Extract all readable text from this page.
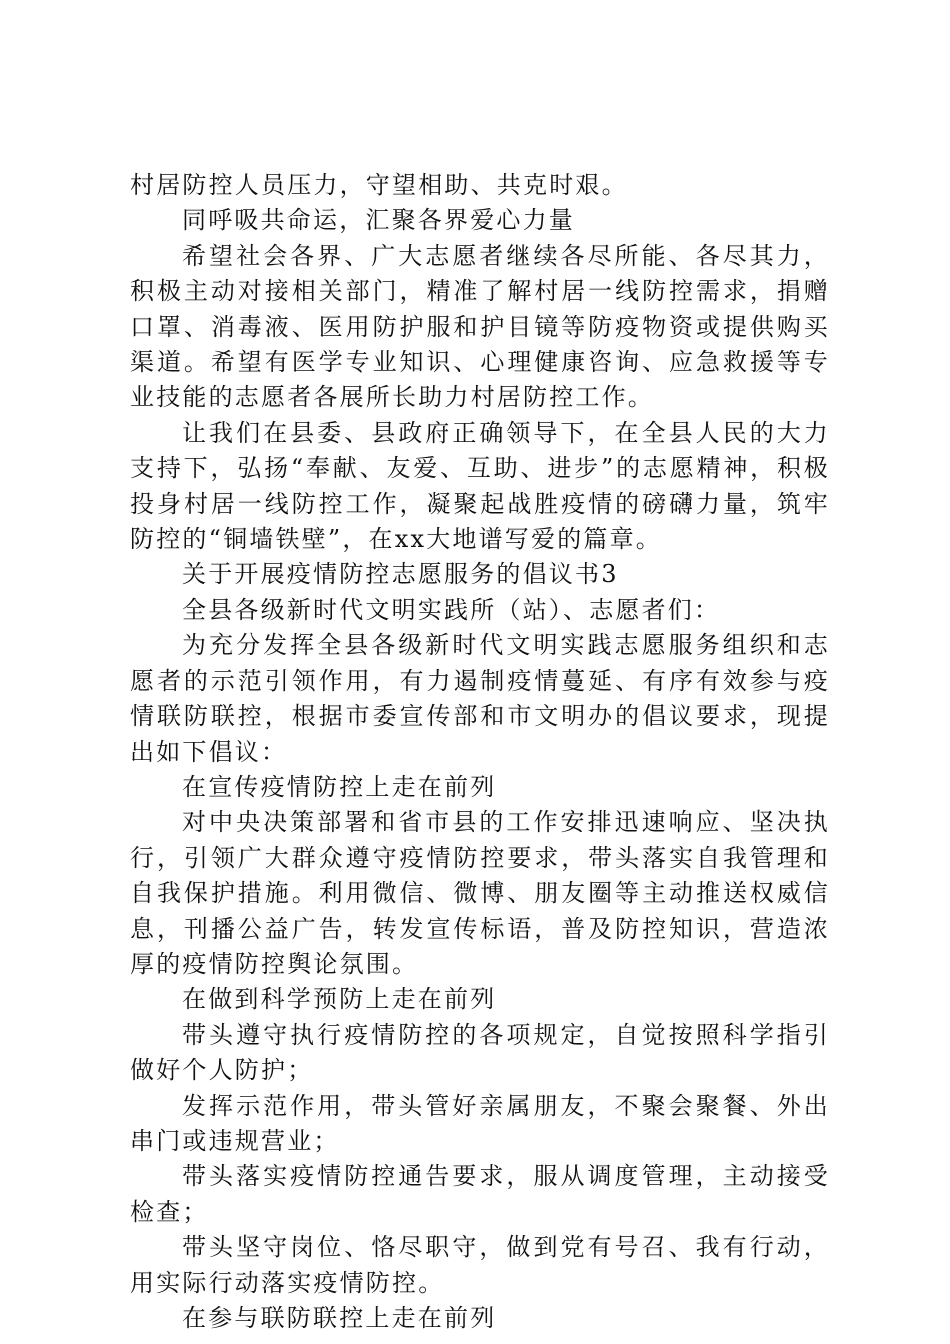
村居防控人员压力，守望相助、共克时艰。

同呼吸共命运，汇聚各界爱心力量

希望社会各界、广大志愿者继续各尽所能、各尽其力，积极主动对接相关部门，精准了解村居一线防控需求，捐赠口罩、消毒液、医用防护服和护目镜等防疫物资或提供购买渠道。希望有医学专业知识、心理健康咨询、应急救援等专业技能的志愿者各展所长助力村居防控工作。

让我们在县委、县政府正确领导下，在全县人民的大力支持下，弘扬“奉献、友爱、互助、进步”的志愿精神，积极投身村居一线防控工作，凝聚起战胜疫情的磅礴力量，筑牢防控的“铜墙铁壁”，在xx大地谱写爱的篇章。

关于开展疫情防控志愿服务的倡议书3

全县各级新时代文明实践所（站）、志愿者们：

为充分发挥全县各级新时代文明实践志愿服务组织和志愿者的示范引领作用，有力遏制疫情蔓延、有序有效参与疫情联防联控，根据市委宣传部和市文明办的倡议要求，现提出如下倡议：

在宣传疫情防控上走在前列

对中央决策部署和省市县的工作安排迅速响应、坚决执行，引领广大群众遵守疫情防控要求，带头落实自我管理和自我保护措施。利用微信、微博、朋友圈等主动推送权威信息，刊播公益广告，转发宣传标语，普及防控知识，营造浓厚的疫情防控舆论氛围。

在做到科学预防上走在前列

带头遵守执行疫情防控的各项规定，自觉按照科学指引做好个人防护；

发挥示范作用，带头管好亲属朋友，不聚会聚餐、外出串门或违规营业；

带头落实疫情防控通告要求，服从调度管理，主动接受检查；

带头坚守岗位、恪尽职守，做到党有号召、我有行动，用实际行动落实疫情防控。

在参与联防联控上走在前列
